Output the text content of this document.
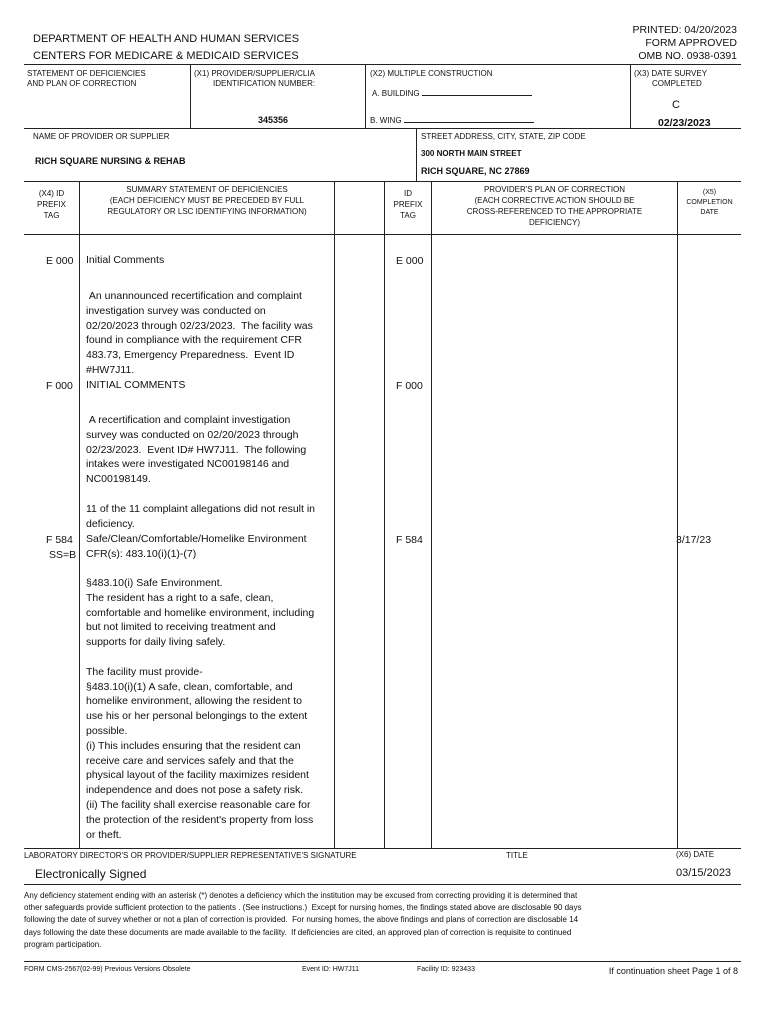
DEPARTMENT OF HEALTH AND HUMAN SERVICES
CENTERS FOR MEDICARE & MEDICAID SERVICES
PRINTED: 04/20/2023
FORM APPROVED
OMB NO. 0938-0391
STATEMENT OF DEFICIENCIES
AND PLAN OF CORRECTION
(X1) PROVIDER/SUPPLIER/CLIA
IDENTIFICATION NUMBER:
345356
(X2) MULTIPLE CONSTRUCTION
A. BUILDING
B. WING
(X3) DATE SURVEY
COMPLETED
C
02/23/2023
NAME OF PROVIDER OR SUPPLIER
RICH SQUARE NURSING & REHAB
STREET ADDRESS, CITY, STATE, ZIP CODE
300 NORTH MAIN STREET
RICH SQUARE, NC 27869
(X4) ID
PREFIX
TAG
SUMMARY STATEMENT OF DEFICIENCIES
(EACH DEFICIENCY MUST BE PRECEDED BY FULL
REGULATORY OR LSC IDENTIFYING INFORMATION)
ID
PREFIX
TAG
PROVIDER'S PLAN OF CORRECTION
(EACH CORRECTIVE ACTION SHOULD BE
CROSS-REFERENCED TO THE APPROPRIATE
DEFICIENCY)
(X5)
COMPLETION
DATE
E 000	E 000
Initial Comments
An unannounced recertification and complaint
investigation survey was conducted on
02/20/2023 through 02/23/2023.  The facility was
found in compliance with the requirement CFR
483.73, Emergency Preparedness.  Event ID
#HW7J11.
F 000	F 000
INITIAL COMMENTS
A recertification and complaint investigation
survey was conducted on 02/20/2023 through
02/23/2023.  Event ID# HW7J11.  The following
intakes were investigated NC00198146 and
NC00198149.

11 of the 11 complaint allegations did not result in
deficiency.
F 584
SS=B
F 584	3/17/23
Safe/Clean/Comfortable/Homelike Environment
CFR(s): 483.10(i)(1)-(7)
§483.10(i) Safe Environment.
The resident has a right to a safe, clean,
comfortable and homelike environment, including
but not limited to receiving treatment and
supports for daily living safely.

The facility must provide-
§483.10(i)(1) A safe, clean, comfortable, and
homelike environment, allowing the resident to
use his or her personal belongings to the extent
possible.
(i) This includes ensuring that the resident can
receive care and services safely and that the
physical layout of the facility maximizes resident
independence and does not pose a safety risk.
(ii) The facility shall exercise reasonable care for
the protection of the resident's property from loss
or theft.
LABORATORY DIRECTOR'S OR PROVIDER/SUPPLIER REPRESENTATIVE'S SIGNATURE	TITLE	(X6) DATE
Electronically Signed	03/15/2023
Any deficiency statement ending with an asterisk (*) denotes a deficiency which the institution may be excused from correcting providing it is determined that
other safeguards provide sufficient protection to the patients . (See instructions.)  Except for nursing homes, the findings stated above are disclosable 90 days
following the date of survey whether or not a plan of correction is provided.  For nursing homes, the above findings and plans of correction are disclosable 14
days following the date these documents are made available to the facility.  If deficiencies are cited, an approved plan of correction is requisite to continued
program participation.
FORM CMS-2567(02-99) Previous Versions Obsolete	Event ID: HW7J11	Facility ID: 923433	If continuation sheet Page 1 of 8
